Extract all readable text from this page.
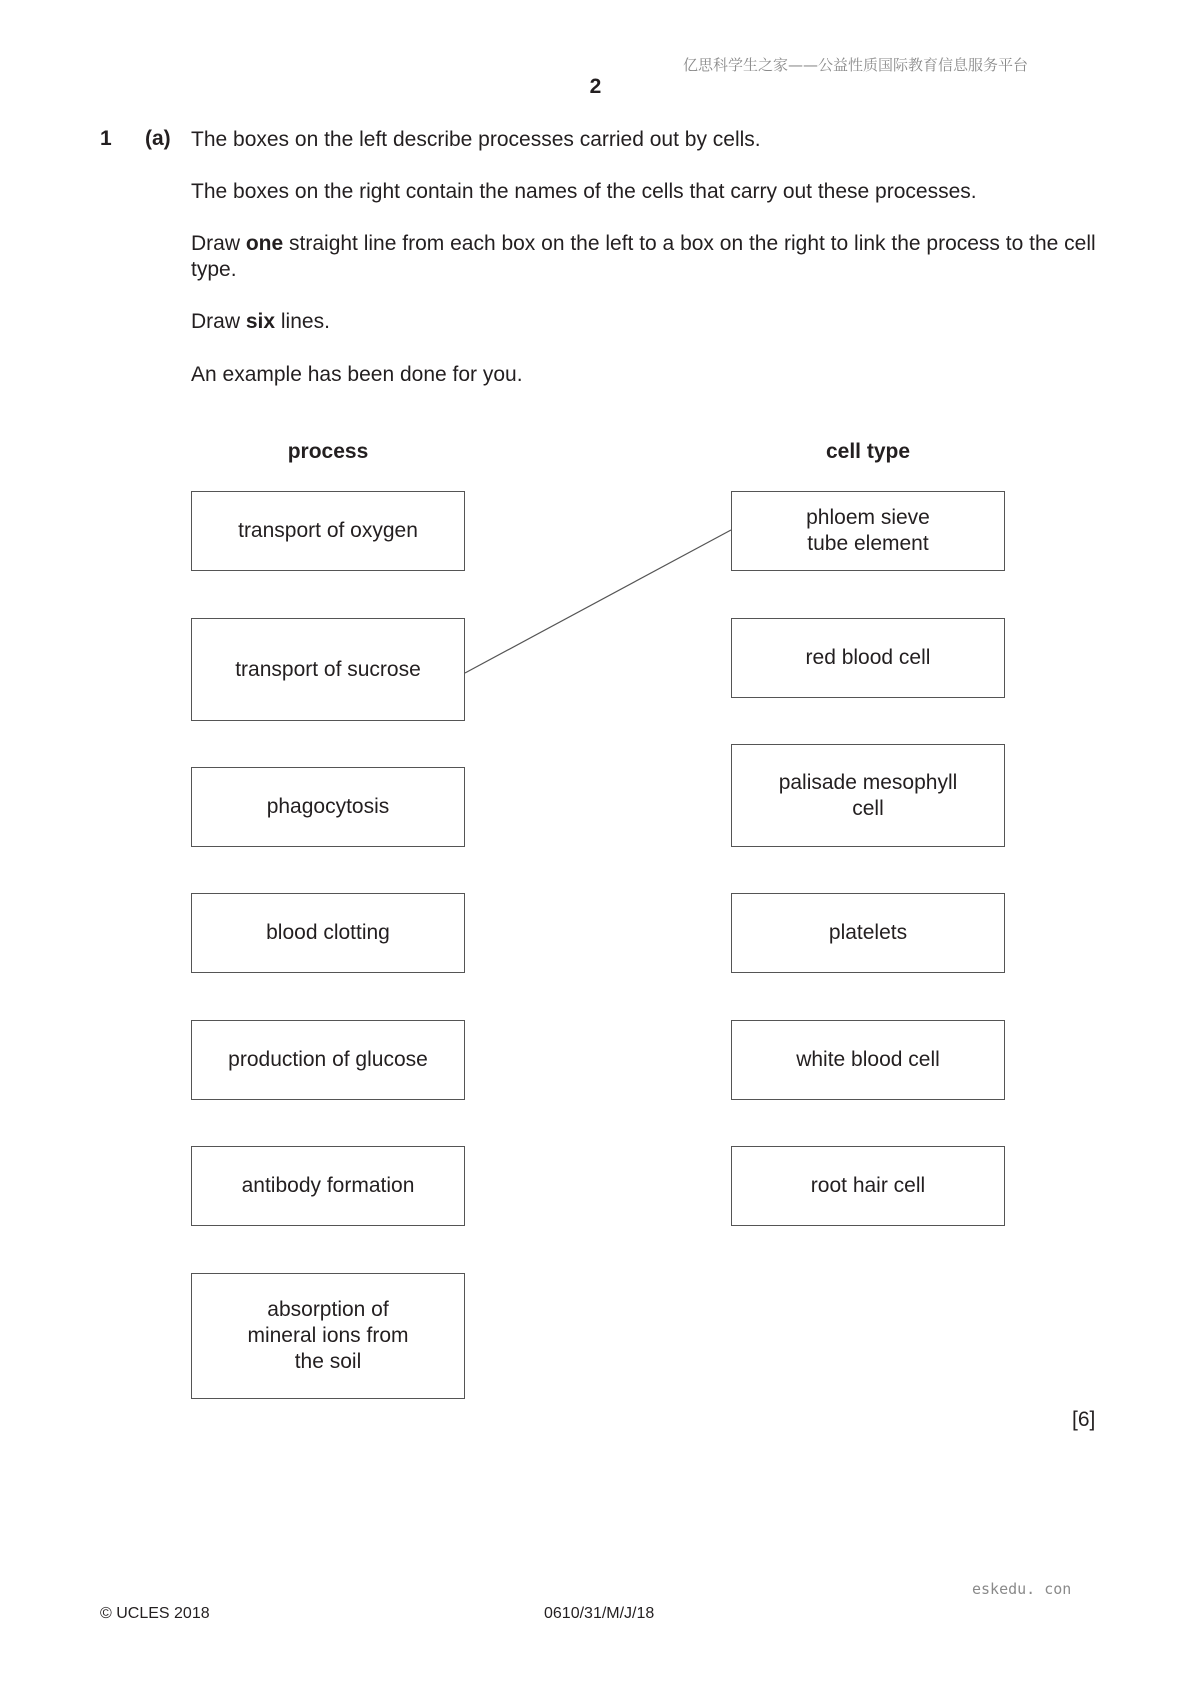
亿思科学生之家——公益性质国际教育信息服务平台
2
1 (a) The boxes on the left describe processes carried out by cells.
The boxes on the right contain the names of the cells that carry out these processes.
Draw one straight line from each box on the left to a box on the right to link the process to the cell type.
Draw six lines.
An example has been done for you.
process	cell type
transport of oxygen
transport of sucrose
phagocytosis
blood clotting
production of glucose
antibody formation
absorption of
mineral ions from
the soil
phloem sieve
tube element
red blood cell
palisade mesophyll
cell
platelets
white blood cell
root hair cell
[6]
eskedu. con
© UCLES 2018	0610/31/M/J/18
